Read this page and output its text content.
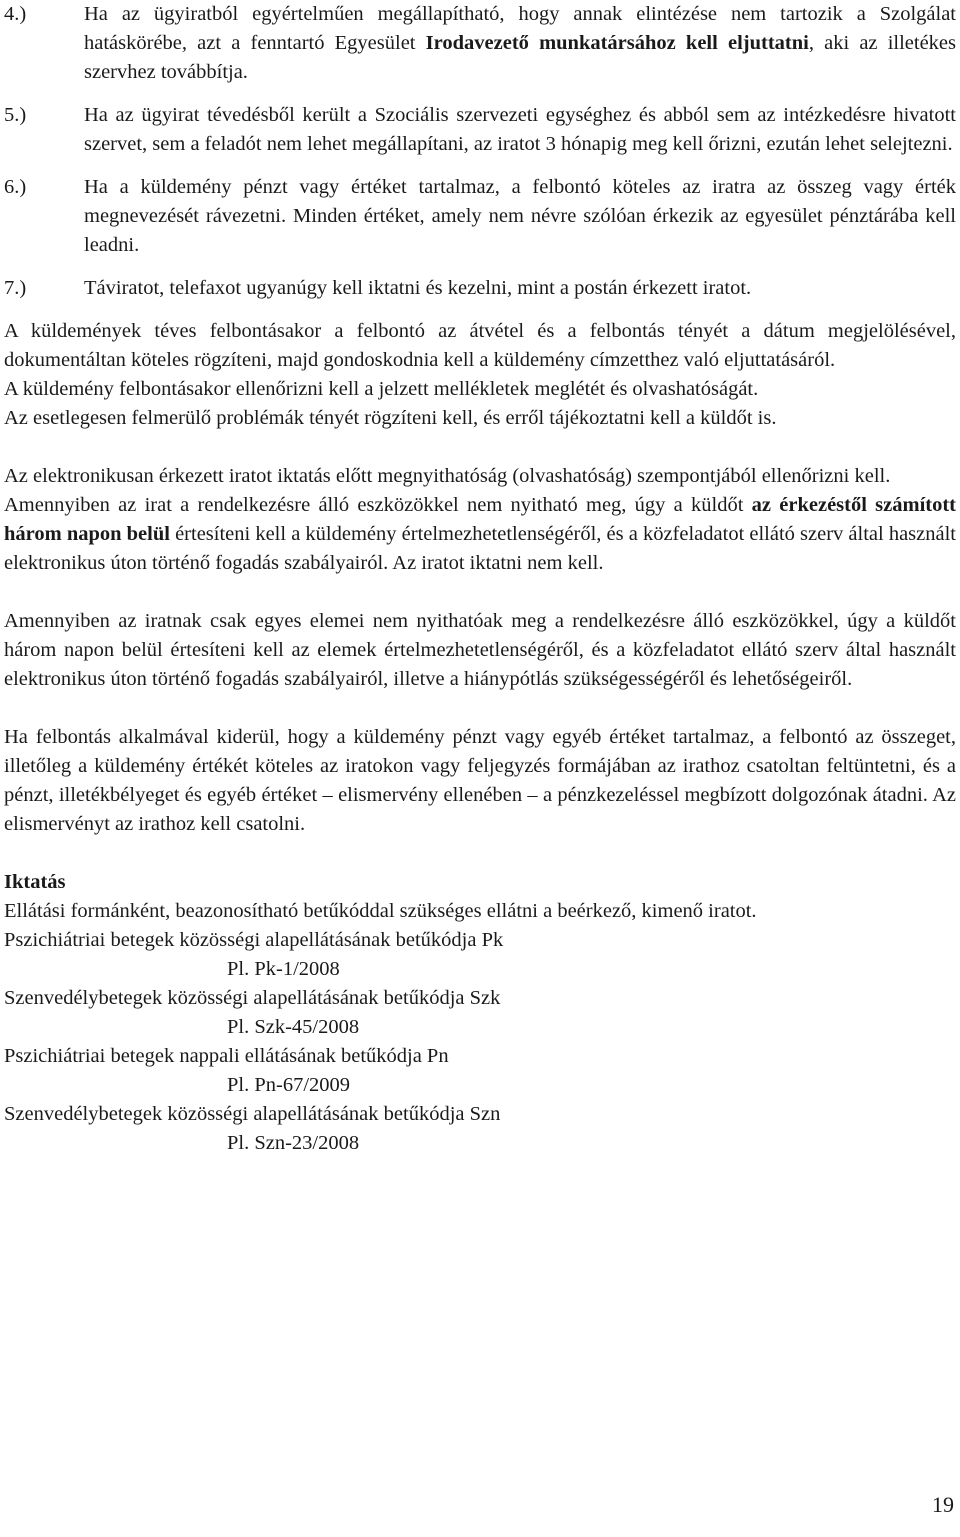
4.)	Ha az ügyiratból egyértelműen megállapítható, hogy annak elintézése nem tartozik a Szolgálat hatáskörébe, azt a fenntartó Egyesület Irodavezető munkatársához kell eljuttatni, aki az illetékes szervhez továbbítja.
5.)	Ha az ügyirat tévedésből került a Szociális szervezeti egységhez és abból sem az intézkedésre hivatott szervet, sem a feladót nem lehet megállapítani, az iratot 3 hónapig meg kell őrizni, ezután lehet selejtezni.
6.)	Ha a küldemény pénzt vagy értéket tartalmaz, a felbontó köteles az iratra az összeg vagy érték megnevezését rávezetni. Minden értéket, amely nem névre szólóan érkezik az egyesület pénztárába kell leadni.
7.)	Táviratot, telefaxot ugyanúgy kell iktatni és kezelni, mint a postán érkezett iratot.

A küldemények téves felbontásakor a felbontó az átvétel és a felbontás tényét a dátum megjelölésével, dokumentáltan köteles rögzíteni, majd gondoskodnia kell a küldemény címzetthez való eljuttatásáról.

A küldemény felbontásakor ellenőrizni kell a jelzett mellékletek meglétét és olvashatóságát.

Az esetlegesen felmerülő problémák tényét rögzíteni kell, és erről tájékoztatni kell a küldőt is.

Az elektronikusan érkezett iratot iktatás előtt megnyithatóság (olvashatóság) szempontjából ellenőrizni kell.

Amennyiben az irat a rendelkezésre álló eszközökkel nem nyitható meg, úgy a küldőt az érkezéstől számított három napon belül értesíteni kell a küldemény értelmezhetetlenségéről, és a közfeladatot ellátó szerv által használt elektronikus úton történő fogadás szabályairól. Az iratot iktatni nem kell.

Amennyiben az iratnak csak egyes elemei nem nyithatóak meg a rendelkezésre álló eszközökkel, úgy a küldőt három napon belül értesíteni kell az elemek értelmezhetetlenségéről, és a közfeladatot ellátó szerv által használt elektronikus úton történő fogadás szabályairól, illetve a hiánypótlás szükségességéről és lehetőségeiről.

Ha felbontás alkalmával kiderül, hogy a küldemény pénzt vagy egyéb értéket tartalmaz, a felbontó az összeget, illetőleg a küldemény értékét köteles az iratokon vagy feljegyzés formájában az irathoz csatoltan feltüntetni, és a pénzt, illetékbélyeget és egyéb értéket – elismervény ellenében – a pénzkezeléssel megbízott dolgozónak átadni. Az elismervényt az irathoz kell csatolni.

Iktatás

Ellátási formánként, beazonosítható betűkóddal szükséges ellátni a beérkező, kimenő iratot.

Pszichiátriai betegek közösségi alapellátásának betűkódja Pk

Pl. Pk-1/2008

Szenvedélybetegek közösségi alapellátásának betűkódja Szk

Pl. Szk-45/2008

Pszichiátriai betegek nappali ellátásának betűkódja Pn

Pl. Pn-67/2009

Szenvedélybetegek közösségi alapellátásának betűkódja Szn

Pl. Szn-23/2008

19
